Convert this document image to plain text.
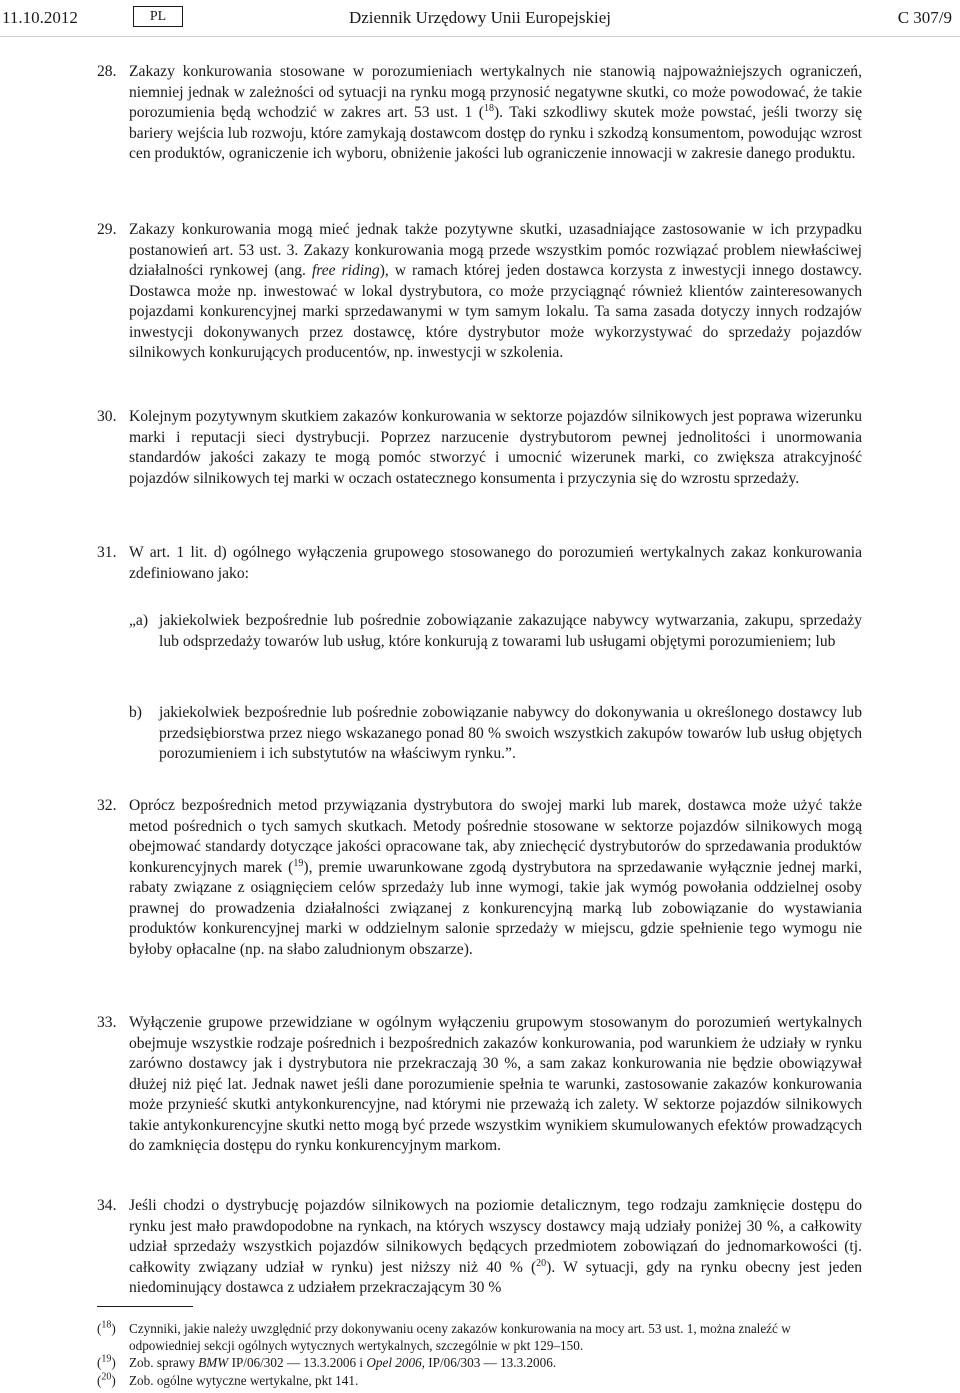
11.10.2012	Dziennik Urzędowy Unii Europejskiej
PL	C 307/9
28. Zakazy konkurowania stosowane w porozumieniach wertykalnych nie stanowią najpoważniejszych ograniczeń, niemniej jednak w zależności od sytuacji na rynku mogą przynosić negatywne skutki, co może powodować, że takie porozumienia będą wchodzić w zakres art. 53 ust. 1 ($^{18}$). Taki szkodliwy skutek może powstać, jeśli tworzy się bariery wejścia lub rozwoju, które zamykają dostawcom dostęp do rynku i szkodzą konsumentom, powodując wzrost cen produktów, ograniczenie ich wyboru, obniżenie jakości lub ograniczenie innowacji w zakresie danego produktu.
29. Zakazy konkurowania mogą mieć jednak także pozytywne skutki, uzasadniające zastosowanie w ich przypadku postanowień art. 53 ust. 3. Zakazy konkurowania mogą przede wszystkim pomóc rozwiązać problem niewłaściwej działalności rynkowej (ang. free riding), w ramach której jeden dostawca korzysta z inwestycji innego dostawcy. Dostawca może np. inwestować w lokal dystrybutora, co może przyciągnąć również klientów zainteresowanych pojazdami konkurencyjnej marki sprzedawanymi w tym samym lokalu. Ta sama zasada dotyczy innych rodzajów inwestycji dokonywanych przez dostawcę, które dystrybutor może wykorzystywać do sprzedaży pojazdów silnikowych konkurujących producentów, np. inwestycji w szkolenia.
30. Kolejnym pozytywnym skutkiem zakazów konkurowania w sektorze pojazdów silnikowych jest poprawa wizerunku marki i reputacji sieci dystrybucji. Poprzez narzucenie dystrybutorom pewnej jednolitości i unormowania standardów jakości zakazy te mogą pomóc stworzyć i umocnić wizerunek marki, co zwiększa atrakcyjność pojazdów silnikowych tej marki w oczach ostatecznego konsumenta i przyczynia się do wzrostu sprzedaży.
31. W art. 1 lit. d) ogólnego wyłączenia grupowego stosowanego do porozumień wertykalnych zakaz konkurowania zdefiniowano jako:
„a) jakiekolwiek bezpośrednie lub pośrednie zobowiązanie zakazujące nabywcy wytwarzania, zakupu, sprzedaży lub odsprzedaży towarów lub usług, które konkurują z towarami lub usługami objętymi porozumieniem; lub
b) jakiekolwiek bezpośrednie lub pośrednie zobowiązanie nabywcy do dokonywania u określonego dostawcy lub przedsiębiorstwa przez niego wskazanego ponad 80 % swoich wszystkich zakupów towarów lub usług objętych porozumieniem i ich substytutów na właściwym rynku.”.
32. Oprócz bezpośrednich metod przywiązania dystrybutora do swojej marki lub marek, dostawca może użyć także metod pośrednich o tych samych skutkach. Metody pośrednie stosowane w sektorze pojazdów silnikowych mogą obejmować standardy dotyczące jakości opracowane tak, aby zniechęcić dystrybutorów do sprzedawania produktów konkurencyjnych marek ($^{19}$), premie uwarunkowane zgodą dystrybutora na sprzedawanie wyłącznie jednej marki, rabaty związane z osiągnięciem celów sprzedaży lub inne wymogi, takie jak wymóg powołania oddzielnej osoby prawnej do prowadzenia działalności związanej z konkurencyjną marką lub zobowiązanie do wystawiania produktów konkurencyjnej marki w oddzielnym salonie sprzedaży w miejscu, gdzie spełnienie tego wymogu nie byłoby opłacalne (np. na słabo zaludnionym obszarze).
33. Wyłączenie grupowe przewidziane w ogólnym wyłączeniu grupowym stosowanym do porozumień wertykalnych obejmuje wszystkie rodzaje pośrednich i bezpośrednich zakazów konkurowania, pod warunkiem że udziały w rynku zarówno dostawcy jak i dystrybutora nie przekraczają 30 %, a sam zakaz konkurowania nie będzie obowiązywał dłużej niż pięć lat. Jednak nawet jeśli dane porozumienie spełnia te warunki, zastosowanie zakazów konkurowania może przynieść skutki antykonkurencyjne, nad którymi nie przeważą ich zalety. W sektorze pojazdów silnikowych takie antykonkurencyjne skutki netto mogą być przede wszystkim wynikiem skumulowanych efektów prowadzących do zamknięcia dostępu do rynku konkurencyjnym markom.
34. Jeśli chodzi o dystrybucję pojazdów silnikowych na poziomie detalicznym, tego rodzaju zamknięcie dostępu do rynku jest mało prawdopodobne na rynkach, na których wszyscy dostawcy mają udziały poniżej 30 %, a całkowity udział sprzedaży wszystkich pojazdów silnikowych będących przedmiotem zobowiązań do jednomarkowości (tj. całkowity związany udział w rynku) jest niższy niż 40 % ($^{20}$). W sytuacji, gdy na rynku obecny jest jeden niedominujący dostawca z udziałem przekraczającym 30 %
($^{18}$) Czynniki, jakie należy uwzględnić przy dokonywaniu oceny zakazów konkurowania na mocy art. 53 ust. 1, można znaleźć w odpowiedniej sekcji ogólnych wytycznych wertykalnych, szczególnie w pkt 129–150.
($^{19}$) Zob. sprawy BMW IP/06/302 — 13.3.2006 i Opel 2006, IP/06/303 — 13.3.2006.
($^{20}$) Zob. ogólne wytyczne wertykalne, pkt 141.
